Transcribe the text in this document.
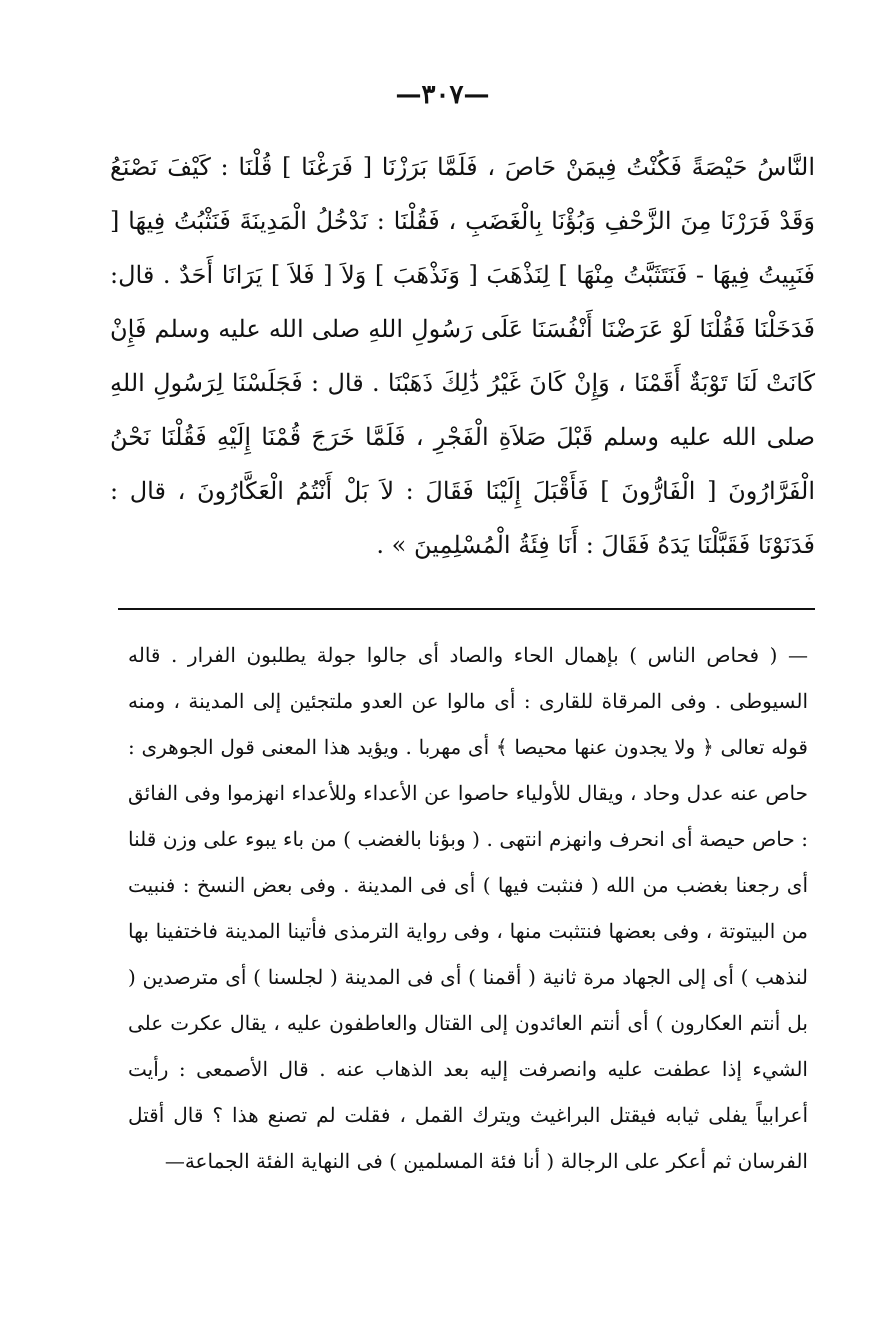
—٣٠٧—

النَّاسُ حَيْصَةً فَكُنْتُ فِيمَنْ حَاصَ ، فَلَمَّا بَرَزْنَا [ فَرَغْنَا ] قُلْنَا : كَيْفَ نَصْنَعُ وَقَدْ فَرَرْنَا مِنَ الزَّحْفِ وَبُؤْنَا بِالْغَضَبِ ، فَقُلْنَا : نَدْخُلُ الْمَدِينَةَ فَنَثْبُتُ فِيهَا [ فَنَبِيتُ فِيهَا - فَنَتَثَبَّتُ مِنْهَا ] لِنَذْهَبَ [ وَنَذْهَبَ ] وَلاَ [ فَلاَ ] يَرَانَا أَحَدٌ . قال: فَدَخَلْنَا فَقُلْنَا لَوْ عَرَضْنَا أَنْفُسَنَا عَلَى رَسُولِ اللهِ صلى الله عليه وسلم فَإِنْ كَانَتْ لَنَا تَوْبَةٌ أَقَمْنَا ، وَإِنْ كَانَ غَيْرُ ذَٰلِكَ ذَهَبْنَا . قال : فَجَلَسْنَا لِرَسُولِ اللهِ صلى الله عليه وسلم قَبْلَ صَلاَةِ الْفَجْرِ ، فَلَمَّا خَرَجَ قُمْنَا إِلَيْهِ فَقُلْنَا نَحْنُ الْفَرَّارُونَ [ الْفَارُّونَ ] فَأَقْبَلَ إِلَيْنَا فَقَالَ : لاَ بَلْ أَنْتُمُ الْعَكَّارُونَ ، قال : فَدَنَوْنَا فَقَبَّلْنَا يَدَهُ فَقَالَ : أَنَا فِئَةُ الْمُسْلِمِينَ » .

— ( فحاص الناس ) بإهمال الحاء والصاد أى جالوا جولة يطلبون الفرار . قاله السيوطى . وفى المرقاة للقارى : أى مالوا عن العدو ملتجئين إلى المدينة ، ومنه قوله تعالى ﴿ ولا يجدون عنها محيصا ﴾ أى مهربا . ويؤيد هذا المعنى قول الجوهرى : حاص عنه عدل وحاد ، ويقال للأولياء حاصوا عن الأعداء وللأعداء انهزموا وفى الفائق : حاص حيصة أى انحرف وانهزم انتهى . ( وبؤنا بالغضب ) من باء يبوء على وزن قلنا أى رجعنا بغضب من الله ( فنثبت فيها ) أى فى المدينة . وفى بعض النسخ : فنبيت من البيتوتة ، وفى بعضها فنتثبت منها ، وفى رواية الترمذى فأتينا المدينة فاختفينا بها لنذهب ) أى إلى الجهاد مرة ثانية ( أقمنا ) أى فى المدينة ( لجلسنا ) أى مترصدين ( بل أنتم العكارون ) أى أنتم العائدون إلى القتال والعاطفون عليه ، يقال عكرت على الشيء إذا عطفت عليه وانصرفت إليه بعد الذهاب عنه . قال الأصمعى : رأيت أعرابياً يفلى ثيابه فيقتل البراغيث ويترك القمل ، فقلت لم تصنع هذا ؟ قال أقتل الفرسان ثم أعكر على الرجالة ( أنا فئة المسلمين ) فى النهاية الفئة الجماعة—
